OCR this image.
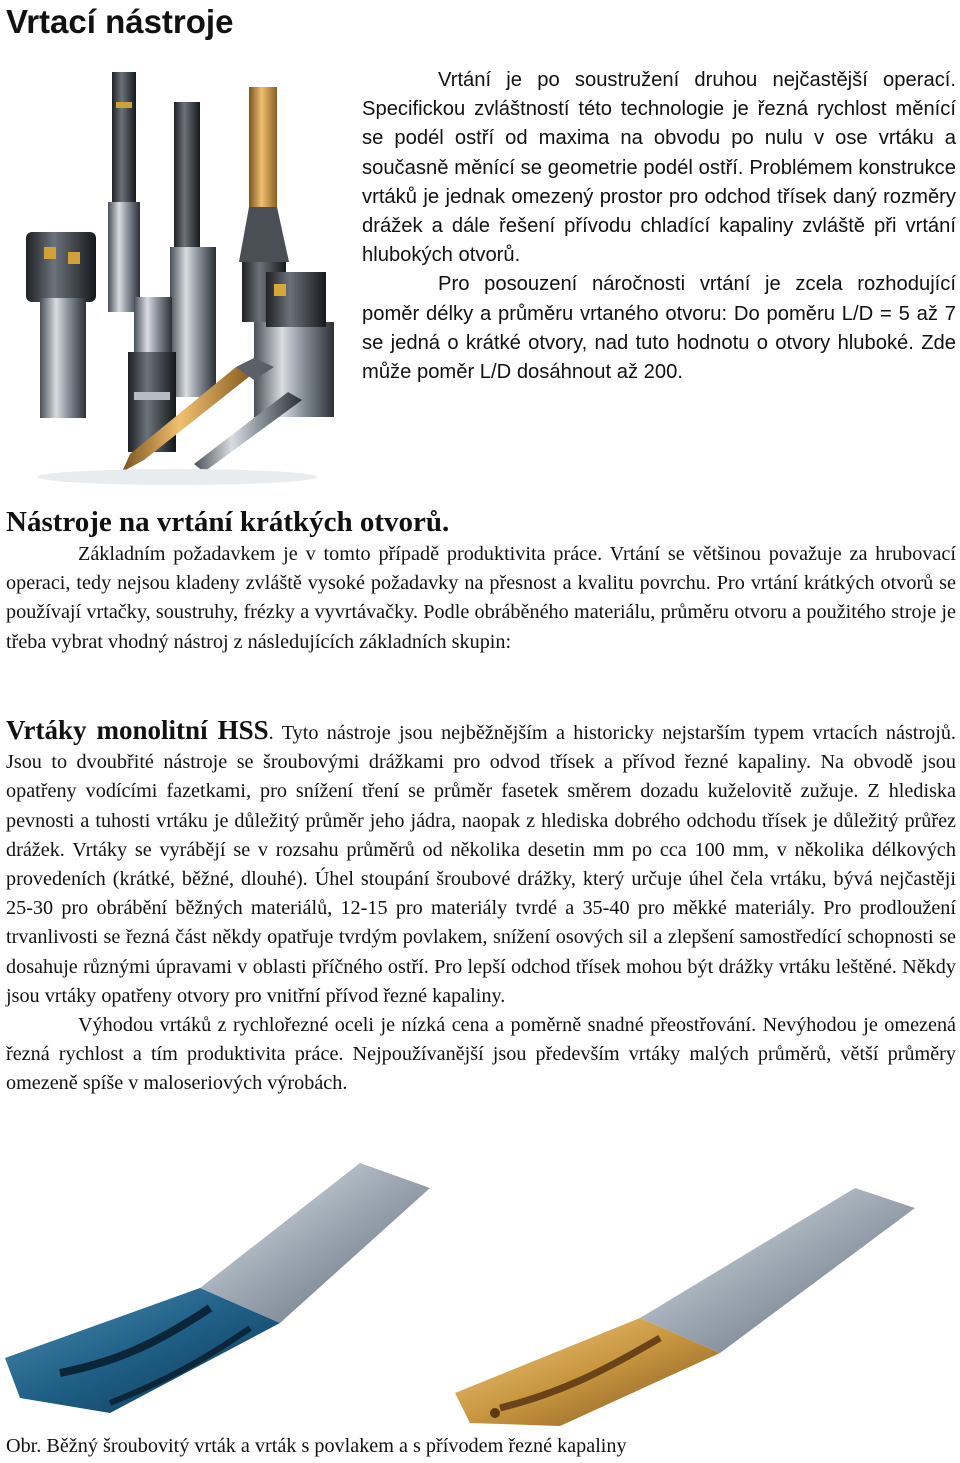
Vrtací nástroje

Vrtání je po soustružení druhou nejčastější operací. Specifickou zvláštností této technologie je řezná rychlost měnící se podél ostří od maxima na obvodu po nulu v ose vrtáku a současně měnící se geometrie podél ostří. Problémem konstrukce vrtáků je jednak omezený prostor pro odchod třísek daný rozměry drážek a dále řešení přívodu chladící kapaliny zvláště při vrtání hlubokých otvorů.

Pro posouzení náročnosti vrtání je zcela rozhodující poměr délky a průměru vrtaného otvoru: Do poměru L/D = 5 až 7 se jedná o krátké otvory, nad tuto hodnotu o otvory hluboké. Zde může poměr L/D dosáhnout až 200.

Nástroje na vrtání krátkých otvorů.

Základním požadavkem je v tomto případě produktivita práce. Vrtání se většinou považuje za hrubovací operaci, tedy nejsou kladeny zvláště vysoké požadavky na přesnost a kvalitu povrchu. Pro vrtání krátkých otvorů se používají vrtačky, soustruhy, frézky a vyvrtávačky. Podle obráběného materiálu, průměru otvoru a použitého stroje je třeba vybrat vhodný nástroj z následujících základních skupin:

Vrtáky monolitní HSS. Tyto nástroje jsou nejběžnějším a historicky nejstarším typem vrtacích nástrojů. Jsou to dvoubřité nástroje se šroubovými drážkami pro odvod třísek a přívod řezné kapaliny. Na obvodě jsou opatřeny vodícími fazetkami, pro snížení tření se průměr fasetek směrem dozadu kuželovitě zužuje. Z hlediska pevnosti a tuhosti vrtáku je důležitý průměr jeho jádra, naopak z hlediska dobrého odchodu třísek je důležitý průřez drážek. Vrtáky se vyrábějí se v rozsahu průměrů od několika desetin mm po cca 100 mm, v několika délkových provedeních (krátké, běžné, dlouhé). Úhel stoupání šroubové drážky, který určuje úhel čela vrtáku, bývá nejčastěji 25-30 pro obrábění běžných materiálů, 12-15 pro materiály tvrdé a 35-40 pro měkké materiály. Pro prodloužení trvanlivosti se řezná část někdy opatřuje tvrdým povlakem, snížení osových sil a zlepšení samostředící schopnosti se dosahuje různými úpravami v oblasti příčného ostří. Pro lepší odchod třísek mohou být drážky vrtáku leštěné. Někdy jsou vrtáky opatřeny otvory pro vnitřní přívod řezné kapaliny.

Výhodou vrtáků z rychlořezné oceli je nízká cena a poměrně snadné přeostřování. Nevýhodou je omezená řezná rychlost a tím produktivita práce. Nejpoužívanější jsou především vrtáky malých průměrů, větší průměry omezeně spíše v maloseriových výrobách.

Obr. Běžný šroubovitý vrták a vrták s povlakem a s přívodem řezné kapaliny
